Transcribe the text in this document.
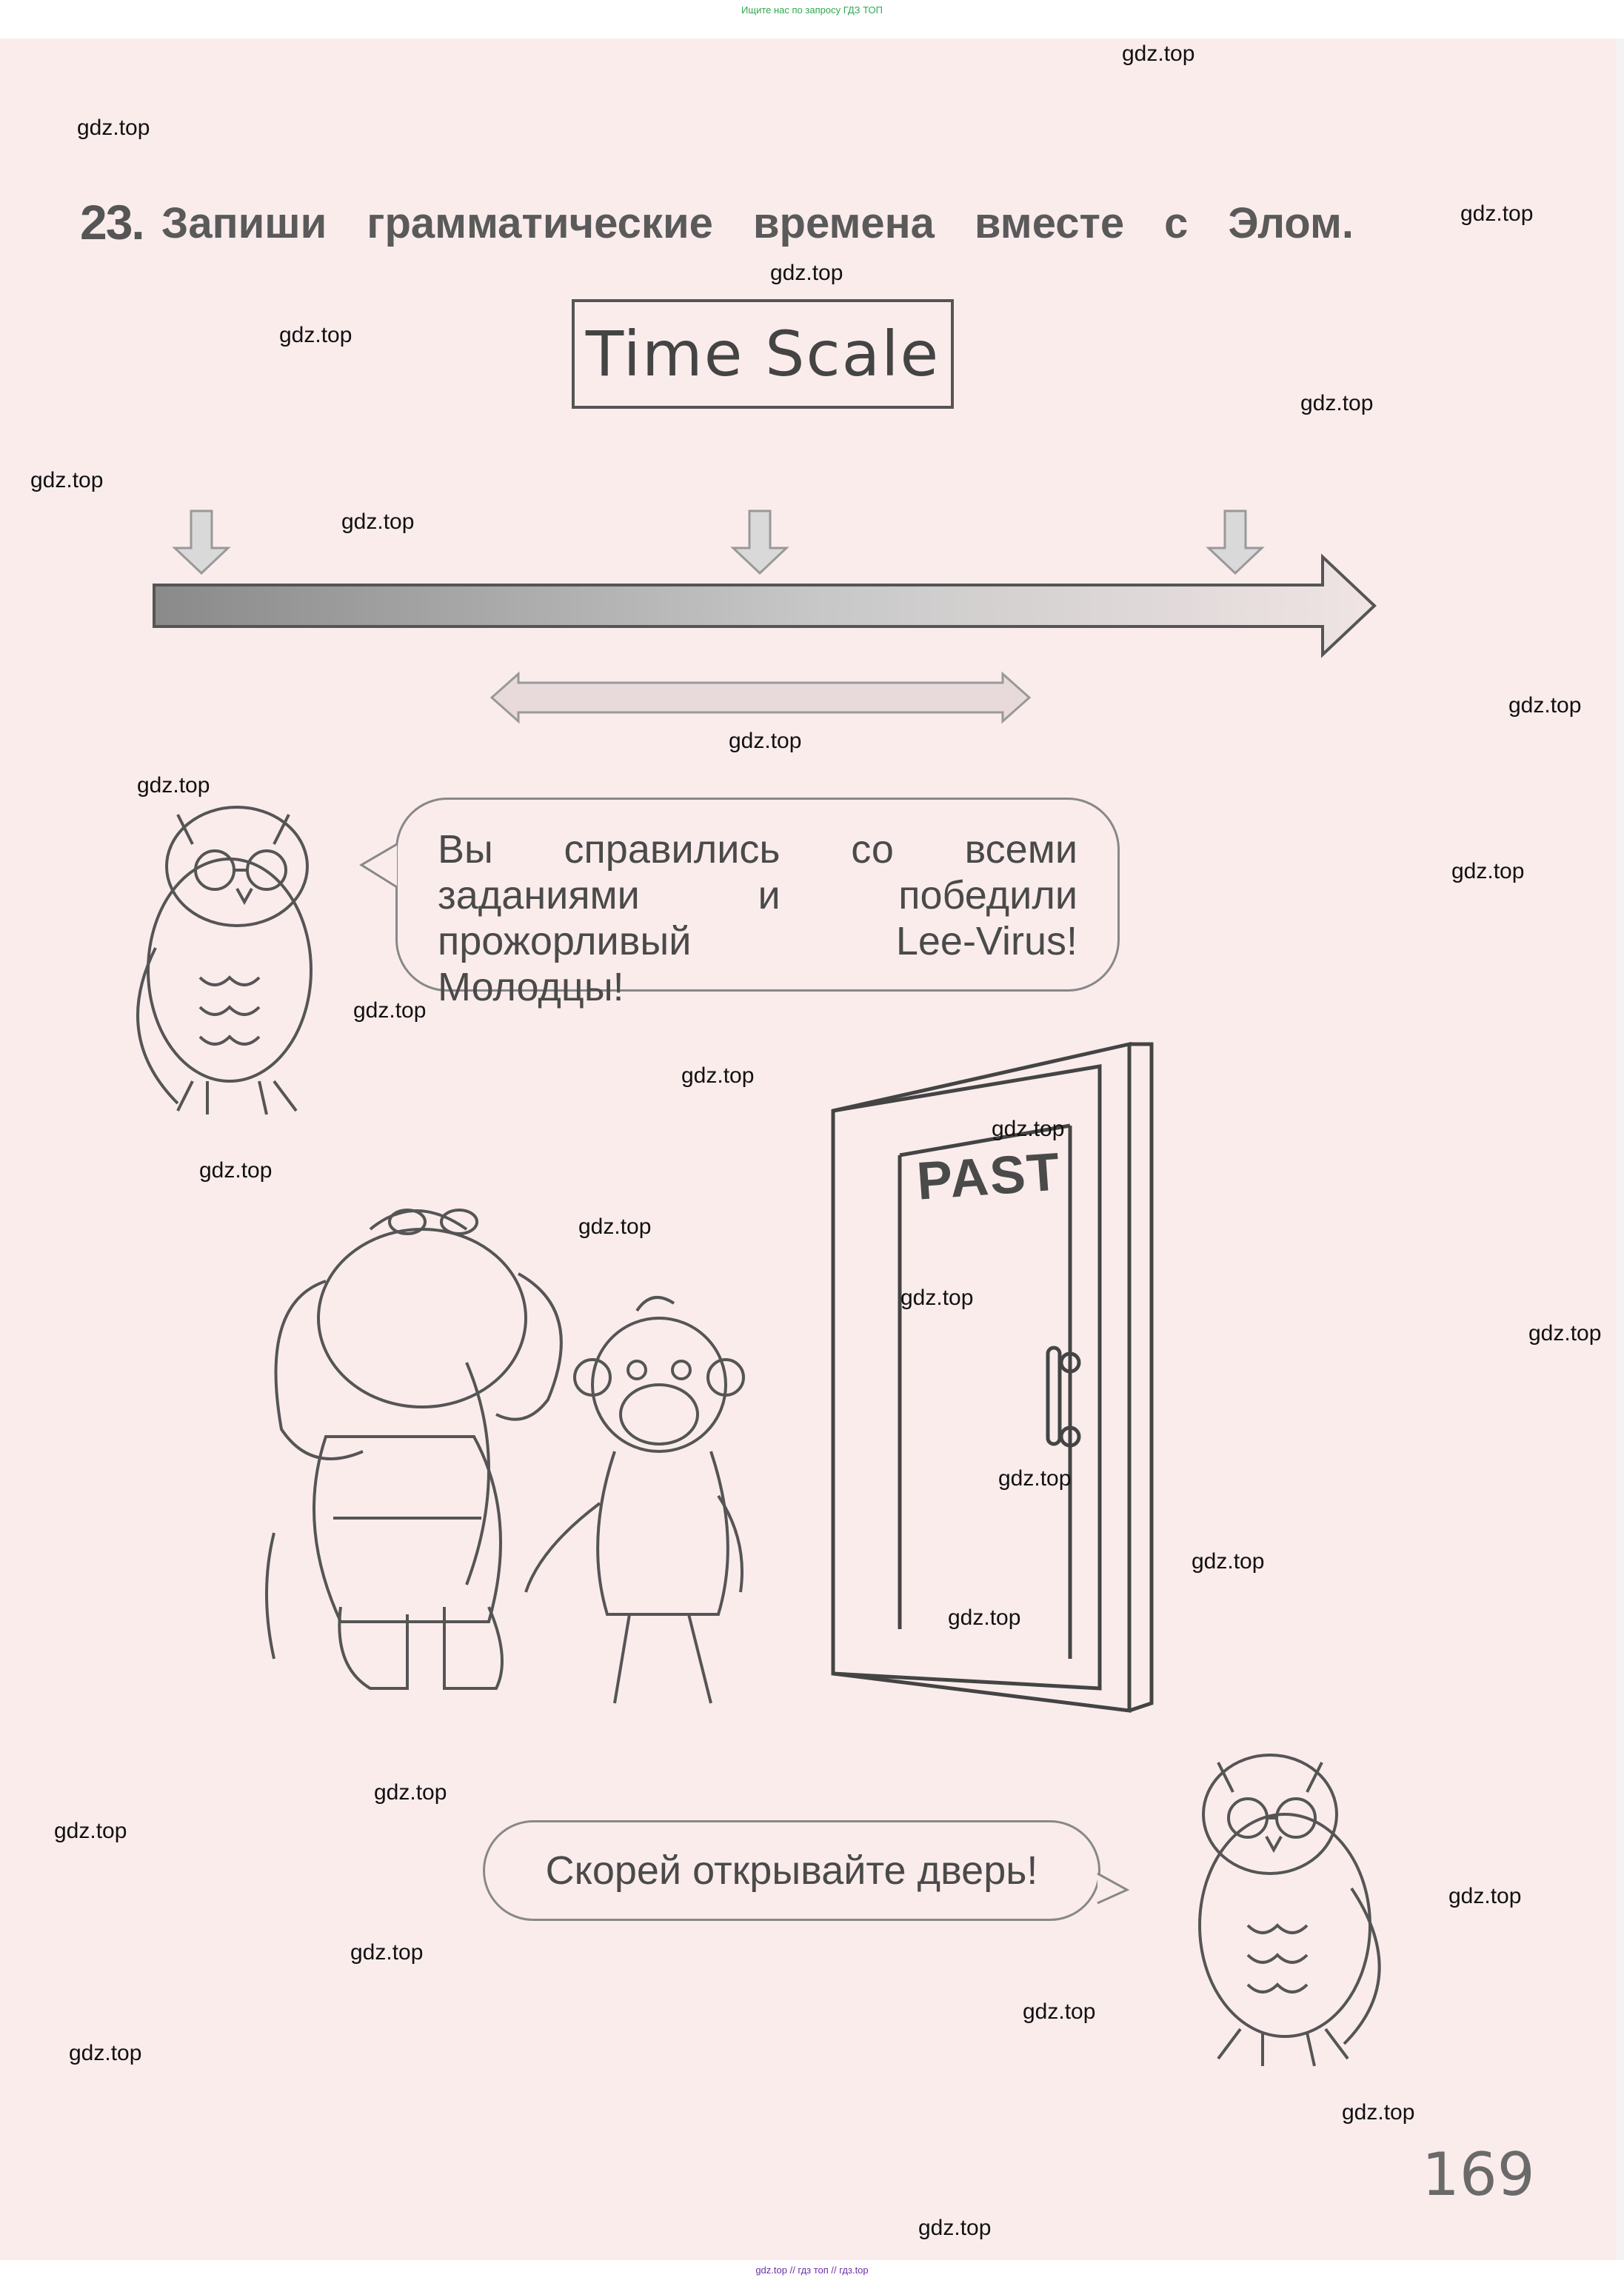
Ищите нас по запросу ГДЗ ТОП
23. Запиши грамматические времена вместе с Элом.
Time Scale
Вы справились со всеми заданиями и победили прожорливый Lee-Virus! Молодцы!
PAST
Скорей открывайте дверь!
169
gdz.top
gdz.top
gdz.top
gdz.top
gdz.top
gdz.top
gdz.top
gdz.top
gdz.top
gdz.top
gdz.top
gdz.top
gdz.top
gdz.top
gdz.top
gdz.top
gdz.top
gdz.top
gdz.top
gdz.top
gdz.top
gdz.top
gdz.top
gdz.top
gdz.top
gdz.top
gdz.top
gdz.top
gdz.top
gdz.top
gdz.top // гдз топ // гдз.top
